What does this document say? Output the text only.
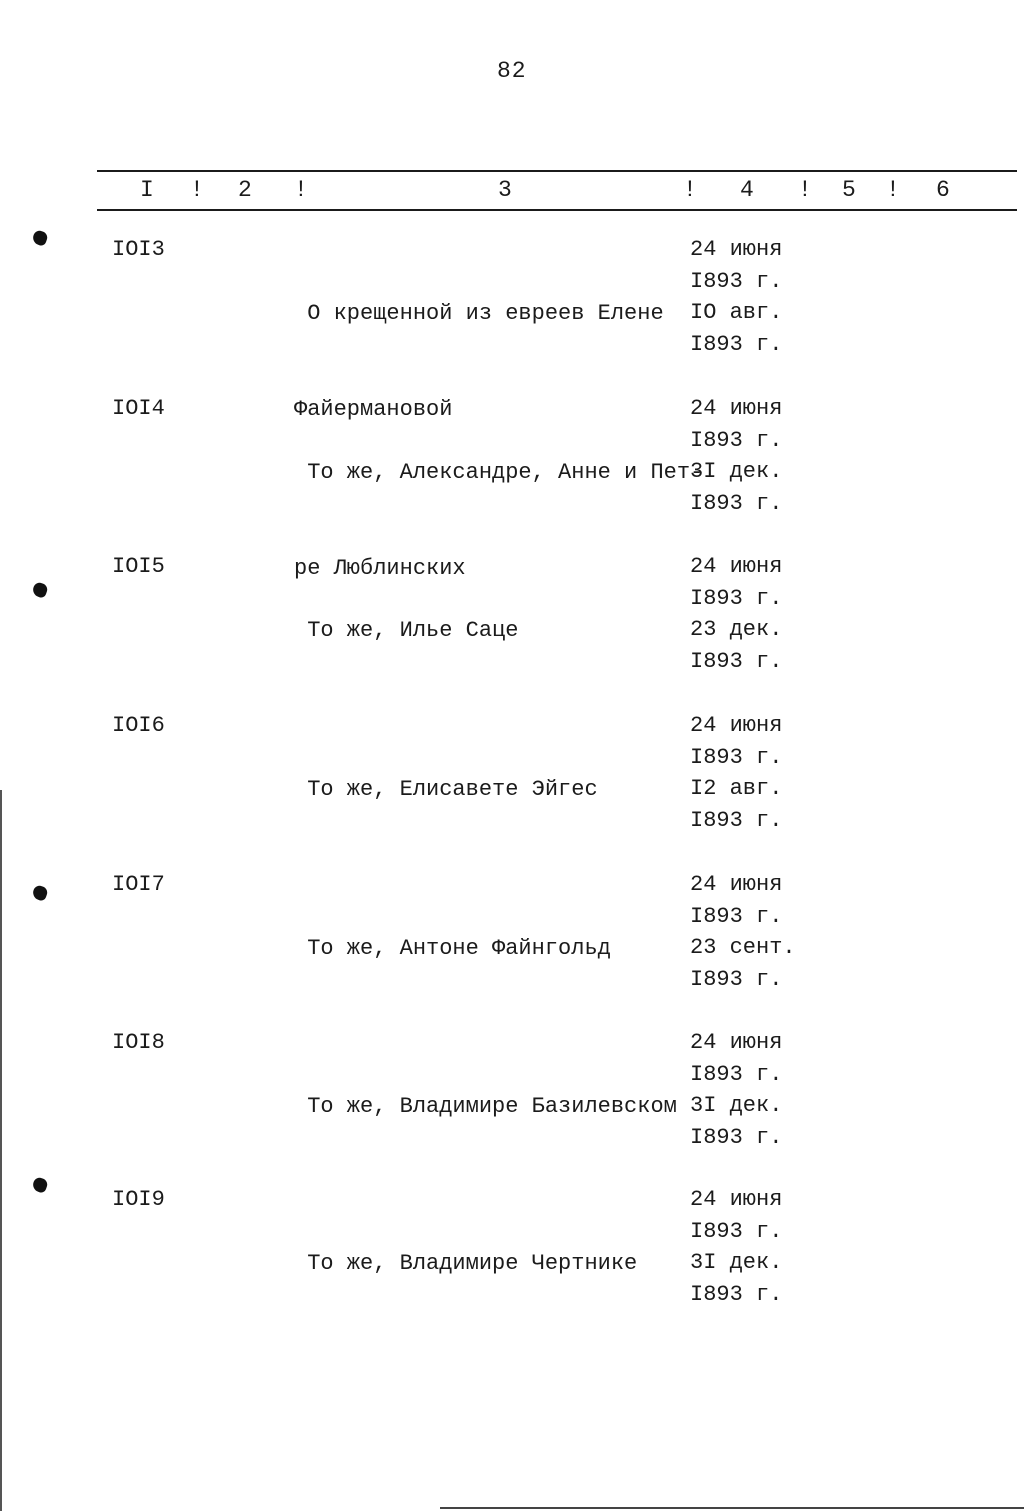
82
I ! 2 !	3	! 4 ! 5 ! 6
IOI3

О крещенной из евреев Елене

Файермановой

24 июня
I893 г.
IO авг.
I893 г.
IOI4

То же, Александре, Анне и Пет-

ре Люблинских

24 июня
I893 г.
3I дек.
I893 г.
IOI5

То же, Илье Саце

24 июня
I893 г.
23 дек.
I893 г.
IOI6

То же, Елисавете Эйгес

24 июня
I893 г.
I2 авг.
I893 г.
IOI7

То же, Антоне Файнгольд

24 июня
I893 г.
23 сент.
I893 г.
IOI8

То же, Владимире Базилевском

24 июня
I893 г.
3I дек.
I893 г.
IOI9

То же, Владимире Чертнике

24 июня
I893 г.
3I дек.
I893 г.
